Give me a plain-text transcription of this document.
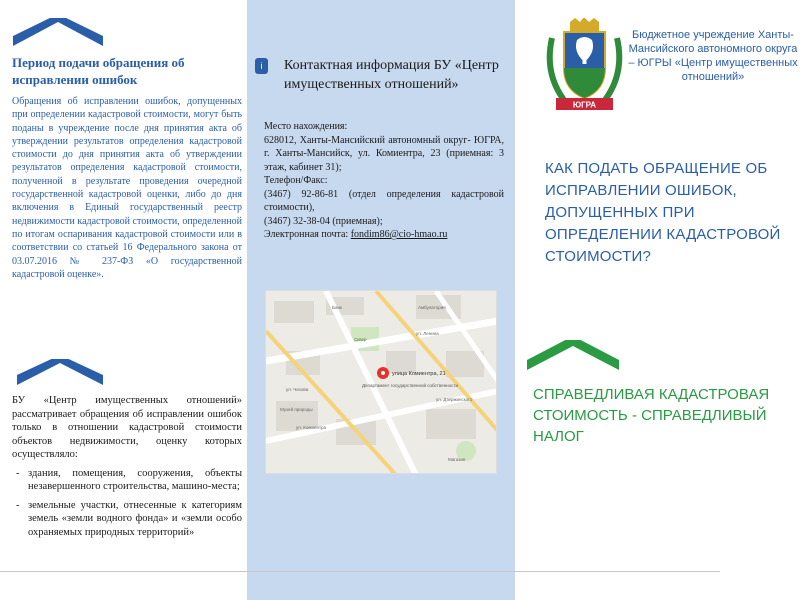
Период подачи обращения об исправлении ошибок
Обращения об исправлении ошибок, допущенных при определении кадастровой стоимости, могут быть поданы в учреждение после дня принятия акта об утверждении результатов определения кадастровой стоимости до дня принятия акта об утверждении результатов определения кадастровой стоимости, полученной в результате проведения очередной государственной кадастровой оценки, либо до дня включения в Единый государственный реестр недвижимости кадастровой стоимости, определенной по итогам оспаривания кадастровой стоимости или в соответствии со статьей 16 Федерального закона от 03.07.2016 № 237-ФЗ «О государственной кадастровой оценке».
БУ «Центр имущественных отношений» рассматривает обращения об исправлении ошибок только в отношении кадастровой стоимости объектов недвижимости, оценку которых осуществляло:
- здания, помещения, сооружения, объекты незавершенного строительства, машино-места;
- земельные участки, отнесенные к категориям земель «земли водного фонда» и «земли особо охраняемых природных территорий»
i	Контактная информация БУ «Центр имущественных отношений»
Место нахождения:
628012, Ханты-Мансийский автономный округ- ЮГРА, г. Ханты-Мансийск, ул. Комиентра, 23 (приемная: 3 этаж, кабинет 31);
Телефон/Факс:
(3467) 92-86-81 (отдел определения кадастровой стоимости),
(3467) 32-38-04 (приемная);
Электронная почта: fondim86@cio-hmao.ru
улица Комиентра, 21
Департамент государственной собственности
ул. Ленина
ул. Чехова
ул. Комиентра
ул. Дзержинского
Банк	Амбулатория
Музей природы
Сквер
Магазин
ЮГРА
Бюджетное учреждение Ханты-Мансийского автономного округа – ЮГРЫ «Центр имущественных отношений»
КАК ПОДАТЬ ОБРАЩЕНИЕ ОБ ИСПРАВЛЕНИИ ОШИБОК, ДОПУЩЕННЫХ ПРИ ОПРЕДЕЛЕНИИ КАДАСТРОВОЙ СТОИМОСТИ?
СПРАВЕДЛИВАЯ КАДАСТРОВАЯ СТОИМОСТЬ - СПРАВЕДЛИВЫЙ НАЛОГ
